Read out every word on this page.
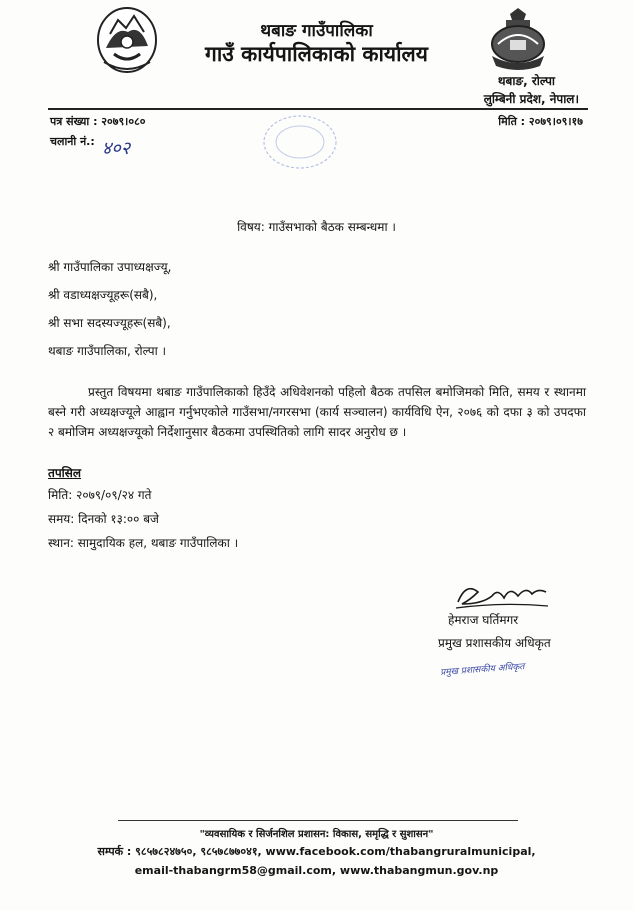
थबाङ गाउँपालिका
गाउँ कार्यपालिकाको कार्यालय
थबाङ, रोल्पा
लुम्बिनी प्रदेश, नेपाल।
पत्र संख्या : २०७९।०८०
चलानी नं.: ४०२
मिति : २०७९।०९।१७
विषय: गाउँसभाको बैठक सम्बन्धमा ।
श्री गाउँपालिका उपाध्यक्षज्यू,
श्री वडाध्यक्षज्यूहरू(सबै),
श्री सभा सदस्यज्यूहरू(सबै),
थबाङ गाउँपालिका, रोल्पा ।
प्रस्तुत विषयमा थबाङ गाउँपालिकाको हिउँदे अधिवेशनको पहिलो बैठक तपसिल बमोजिमको मिति, समय र स्थानमा बस्ने गरी अध्यक्षज्यूले आह्वान गर्नुभएकोले गाउँसभा/नगरसभा (कार्य सञ्चालन) कार्यविधि ऐन, २०७६ को दफा ३ को उपदफा २ बमोजिम अध्यक्षज्यूको निर्देशानुसार बैठकमा उपस्थितिको लागि सादर अनुरोध छ ।
तपसिल
मिति: २०७९/०९/२४ गते
समय: दिनको १३:०० बजे
स्थान: सामुदायिक हल, थबाङ गाउँपालिका ।
हेमराज घर्तिमगर
प्रमुख प्रशासकीय अधिकृत
प्रमुख प्रशासकीय अधिकृत
"व्यवसायिक र सिर्जनशिल प्रशासन: विकास, समृद्धि र सुशासन"
सम्पर्क : ९८५७८२४७५०, ९८५७८७७०४१, www.facebook.com/thabangruralmunicipal,
email-thabangrm58@gmail.com, www.thabangmun.gov.np
